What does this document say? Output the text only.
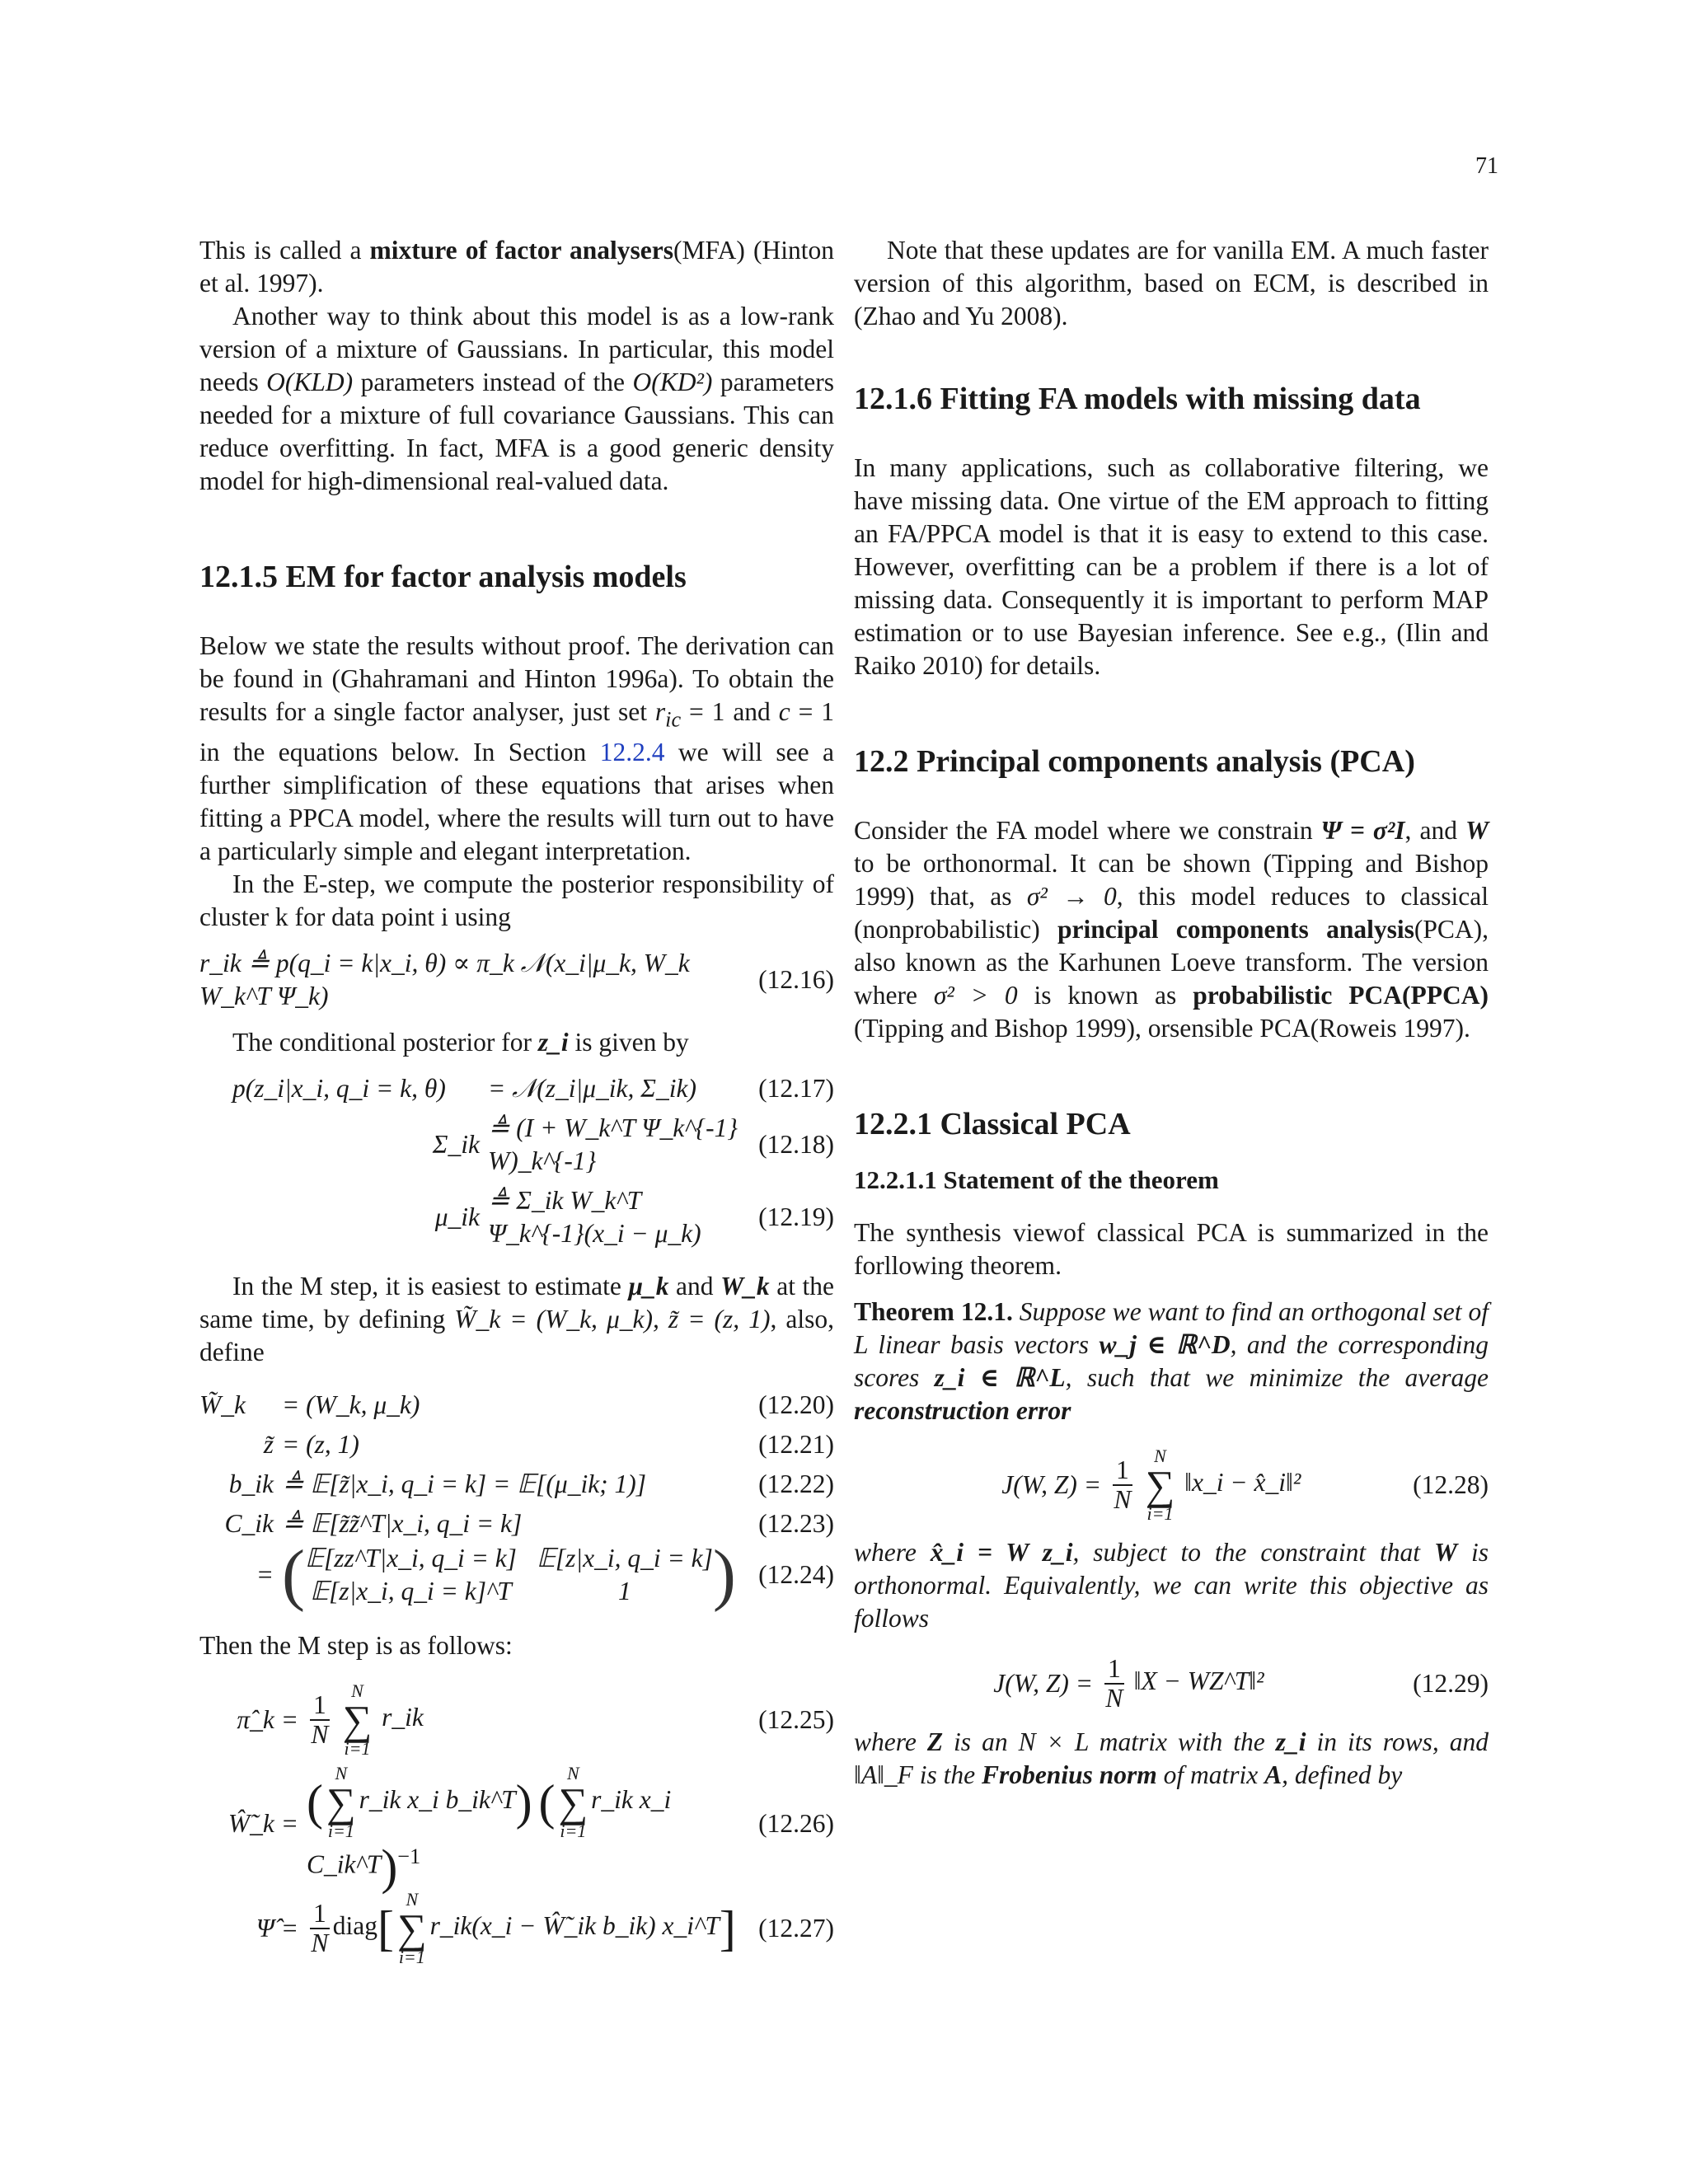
71

This is called a mixture of factor analysers(MFA) (Hinton et al. 1997).

Another way to think about this model is as a low-rank version of a mixture of Gaussians. In particular, this model needs O(KLD) parameters instead of the O(KD²) parameters needed for a mixture of full covariance Gaussians. This can reduce overfitting. In fact, MFA is a good generic density model for high-dimensional real-valued data.

12.1.5 EM for factor analysis models

Below we state the results without proof. The derivation can be found in (Ghahramani and Hinton 1996a). To obtain the results for a single factor analyser, just set $r_{ic} = 1$ and c = 1 in the equations below. In Section 12.2.4 we will see a further simplification of these equations that arises when fitting a PPCA model, where the results will turn out to have a particularly simple and elegant interpretation.

In the E-step, we compute the posterior responsibility of cluster k for data point i using

r_ik ≜ p(q_i = k|x_i, θ) ∝ π_k 𝒩(x_i|μ_k, W_k W_k^T Ψ_k)
(12.16)

The conditional posterior for z_i is given by

p(z_i|x_i, q_i = k, θ)	= 𝒩(z_i|μ_ik, Σ_ik)	(12.17)
Σ_ik
≜ (I + W_k^T Ψ_k^{-1} W)_k^{-1}
(12.18)
μ_ik
≜ Σ_ik W_k^T Ψ_k^{-1}(x_i − μ_k)
(12.19)

In the M step, it is easiest to estimate μ_k and W_k at the same time, by defining W̃_k = (W_k, μ_k), z̃ = (z, 1), also, define

W̃_k	= (W_k, μ_k)	(12.20)
z̃ = (z, 1)	(12.21)
b_ik ≜ 𝔼[z̃|x_i, q_i = k] = 𝔼[(μ_ik; 1)]	(12.22)
C_ik ≜ 𝔼[z̃z̃^T|x_i, q_i = k]	(12.23)
= ( 𝔼[zz^T|x_i, q_i = k] 𝔼[z|x_i, q_i = k]
𝔼[z|x_i, q_i = k]^T	1	) (12.24)

Then the M step is as follows:

π̂_k = $\frac{1}{N}$

N
∑
i=1
r_ik	(12.25)
Ŵ̃_k = (
N
∑
i=1
r_ik x_i b_ik^T) (
N
∑
i=1
r_ik x_i C_ik^T)$^{-1}$
(12.26)
Ψ̂ = $\frac{1}{N}$ diag[
N
∑
i=1
r_ik(x_i − Ŵ̃_ik b_ik) x_i^T] (12.27)

Note that these updates are for vanilla EM. A much faster version of this algorithm, based on ECM, is described in (Zhao and Yu 2008).

12.1.6 Fitting FA models with missing data

In many applications, such as collaborative filtering, we have missing data. One virtue of the EM approach to fitting an FA/PPCA model is that it is easy to extend to this case. However, overfitting can be a problem if there is a lot of missing data. Consequently it is important to perform MAP estimation or to use Bayesian inference. See e.g., (Ilin and Raiko 2010) for details.

12.2 Principal components analysis (PCA)

Consider the FA model where we constrain Ψ = σ²I, and W to be orthonormal. It can be shown (Tipping and Bishop 1999) that, as σ² → 0, this model reduces to classical (nonprobabilistic) principal components analysis(PCA), also known as the Karhunen Loeve transform. The version where σ² > 0 is known as probabilistic PCA(PPCA) (Tipping and Bishop 1999), orsensible PCA(Roweis 1997).

12.2.1 Classical PCA
12.2.1.1 Statement of the theorem

The synthesis viewof classical PCA is summarized in the forllowing theorem.

Theorem 12.1. Suppose we want to find an orthogonal set of L linear basis vectors w_j ∈ ℝ^D, and the corresponding scores z_i ∈ ℝ^L, such that we minimize the average reconstruction error

J(W, $Z) = \frac{1}{N}$

N
∑
i=1
‖x_i − x̂_i‖²	(12.28)

where x̂_i = W z_i, subject to the constraint that W is orthonormal. Equivalently, we can write this objective as follows

J(W, $Z) = \frac{1}{N}$ ‖X − WZ^T‖²	(12.29)

where Z is an N × L matrix with the z_i in its rows, and ‖A‖_F is the Frobenius norm of matrix A, defined by
